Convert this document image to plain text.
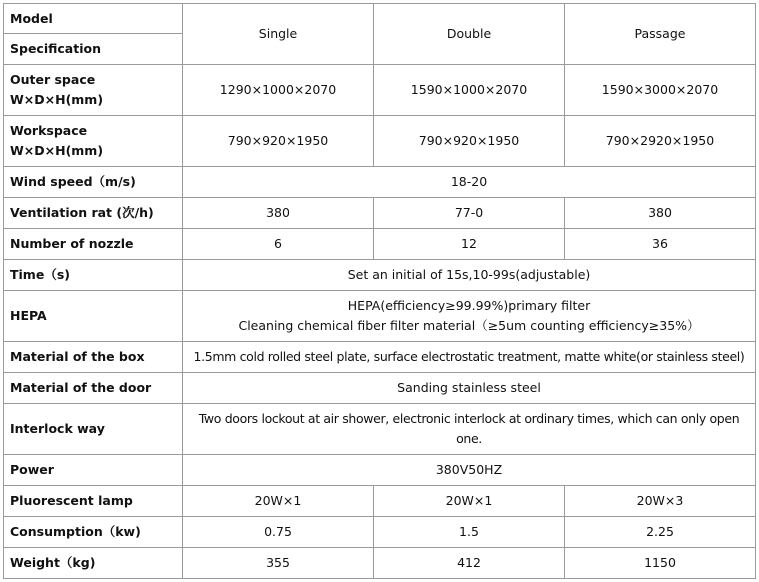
Model	Single	Double	Passage
Specification			

Outer space
W×D×H(mm)	1290×1000×2070	1590×1000×2070	1590×3000×2070

Workspace
W×D×H(mm)	790×920×1950	790×920×1950	790×2920×1950
Wind speed（m/s)	18-20		
Ventilation rat (次/h)	380	77-0	380
Number of nozzle	6	12	36
Time（s)	Set an initial of 15s,10-99s(adjustable)		
HEPA	HEPA(efficiency≥99.99%)primary filter
Cleaning chemical fiber filter material（≥5um counting efficiency≥35%）		

Material of the box	1.5mm cold rolled steel plate, surface electrostatic treatment, matte white(or stainless steel)		
Material of the door	Sanding stainless steel		
Interlock way	Two doors lockout at air shower, electronic interlock at ordinary times, which can only open
one.		

Power	380V50HZ		
Pluorescent lamp	20W×1	20W×1	20W×3
Consumption（kw)	0.75	1.5	2.25
Weight（kg)	355	412	1150
